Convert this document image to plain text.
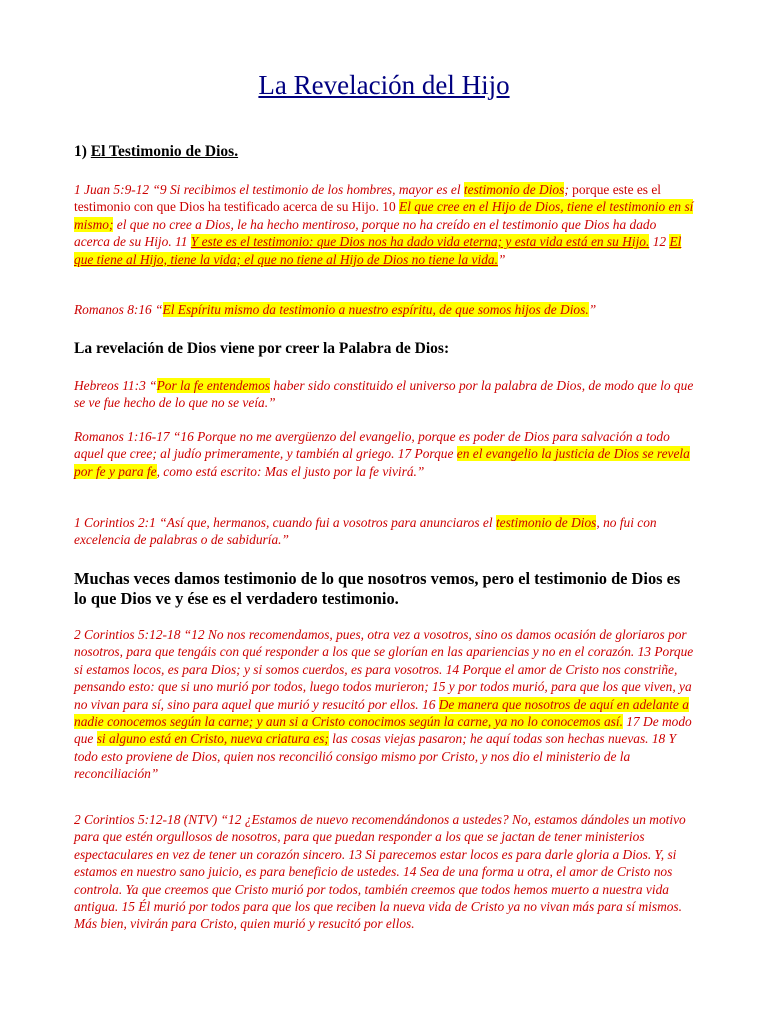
La Revelación del Hijo

1) El Testimonio de Dios.

1 Juan 5:9-12 “9 Si recibimos el testimonio de los hombres, mayor es el testimonio de Dios; porque este es el testimonio con que Dios ha testificado acerca de su Hijo. 10 El que cree en el Hijo de Dios, tiene el testimonio en sí mismo; el que no cree a Dios, le ha hecho mentiroso, porque no ha creído en el testimonio que Dios ha dado acerca de su Hijo. 11 Y este es el testimonio: que Dios nos ha dado vida eterna; y esta vida está en su Hijo. 12 El que tiene al Hijo, tiene la vida; el que no tiene al Hijo de Dios no tiene la vida.”

Romanos 8:16 “El Espíritu mismo da testimonio a nuestro espíritu, de que somos hijos de Dios.”

La revelación de Dios viene por creer la Palabra de Dios:

Hebreos 11:3 “Por la fe entendemos haber sido constituido el universo por la palabra de Dios, de modo que lo que se ve fue hecho de lo que no se veía.”

Romanos 1:16-17 “16 Porque no me avergüenzo del evangelio, porque es poder de Dios para salvación a todo aquel que cree; al judío primeramente, y también al griego. 17 Porque en el evangelio la justicia de Dios se revela por fe y para fe, como está escrito: Mas el justo por la fe vivirá.”

1 Corintios 2:1 “Así que, hermanos, cuando fui a vosotros para anunciaros el testimonio de Dios, no fui con excelencia de palabras o de sabiduría.”

Muchas veces damos testimonio de lo que nosotros vemos, pero el testimonio de Dios es lo que Dios ve y ése es el verdadero testimonio.

2 Corintios 5:12-18 “12 No nos recomendamos, pues, otra vez a vosotros, sino os damos ocasión de gloriaros por nosotros, para que tengáis con qué responder a los que se glorían en las apariencias y no en el corazón. 13 Porque si estamos locos, es para Dios; y si somos cuerdos, es para vosotros. 14 Porque el amor de Cristo nos constriñe, pensando esto: que si uno murió por todos, luego todos murieron; 15 y por todos murió, para que los que viven, ya no vivan para sí, sino para aquel que murió y resucitó por ellos. 16 De manera que nosotros de aquí en adelante a nadie conocemos según la carne; y aun si a Cristo conocimos según la carne, ya no lo conocemos así. 17 De modo que si alguno está en Cristo, nueva criatura es; las cosas viejas pasaron; he aquí todas son hechas nuevas. 18 Y todo esto proviene de Dios, quien nos reconcilió consigo mismo por Cristo, y nos dio el ministerio de la reconciliación”

2 Corintios 5:12-18 (NTV) “12 ¿Estamos de nuevo recomendándonos a ustedes? No, estamos dándoles un motivo para que estén orgullosos de nosotros, para que puedan responder a los que se jactan de tener ministerios espectaculares en vez de tener un corazón sincero. 13 Si parecemos estar locos es para darle gloria a Dios. Y, si estamos en nuestro sano juicio, es para beneficio de ustedes. 14 Sea de una forma u otra, el amor de Cristo nos controla. Ya que creemos que Cristo murió por todos, también creemos que todos hemos muerto a nuestra vida antigua. 15 Él murió por todos para que los que reciben la nueva vida de Cristo ya no vivan más para sí mismos. Más bien, vivirán para Cristo, quien murió y resucitó por ellos.
